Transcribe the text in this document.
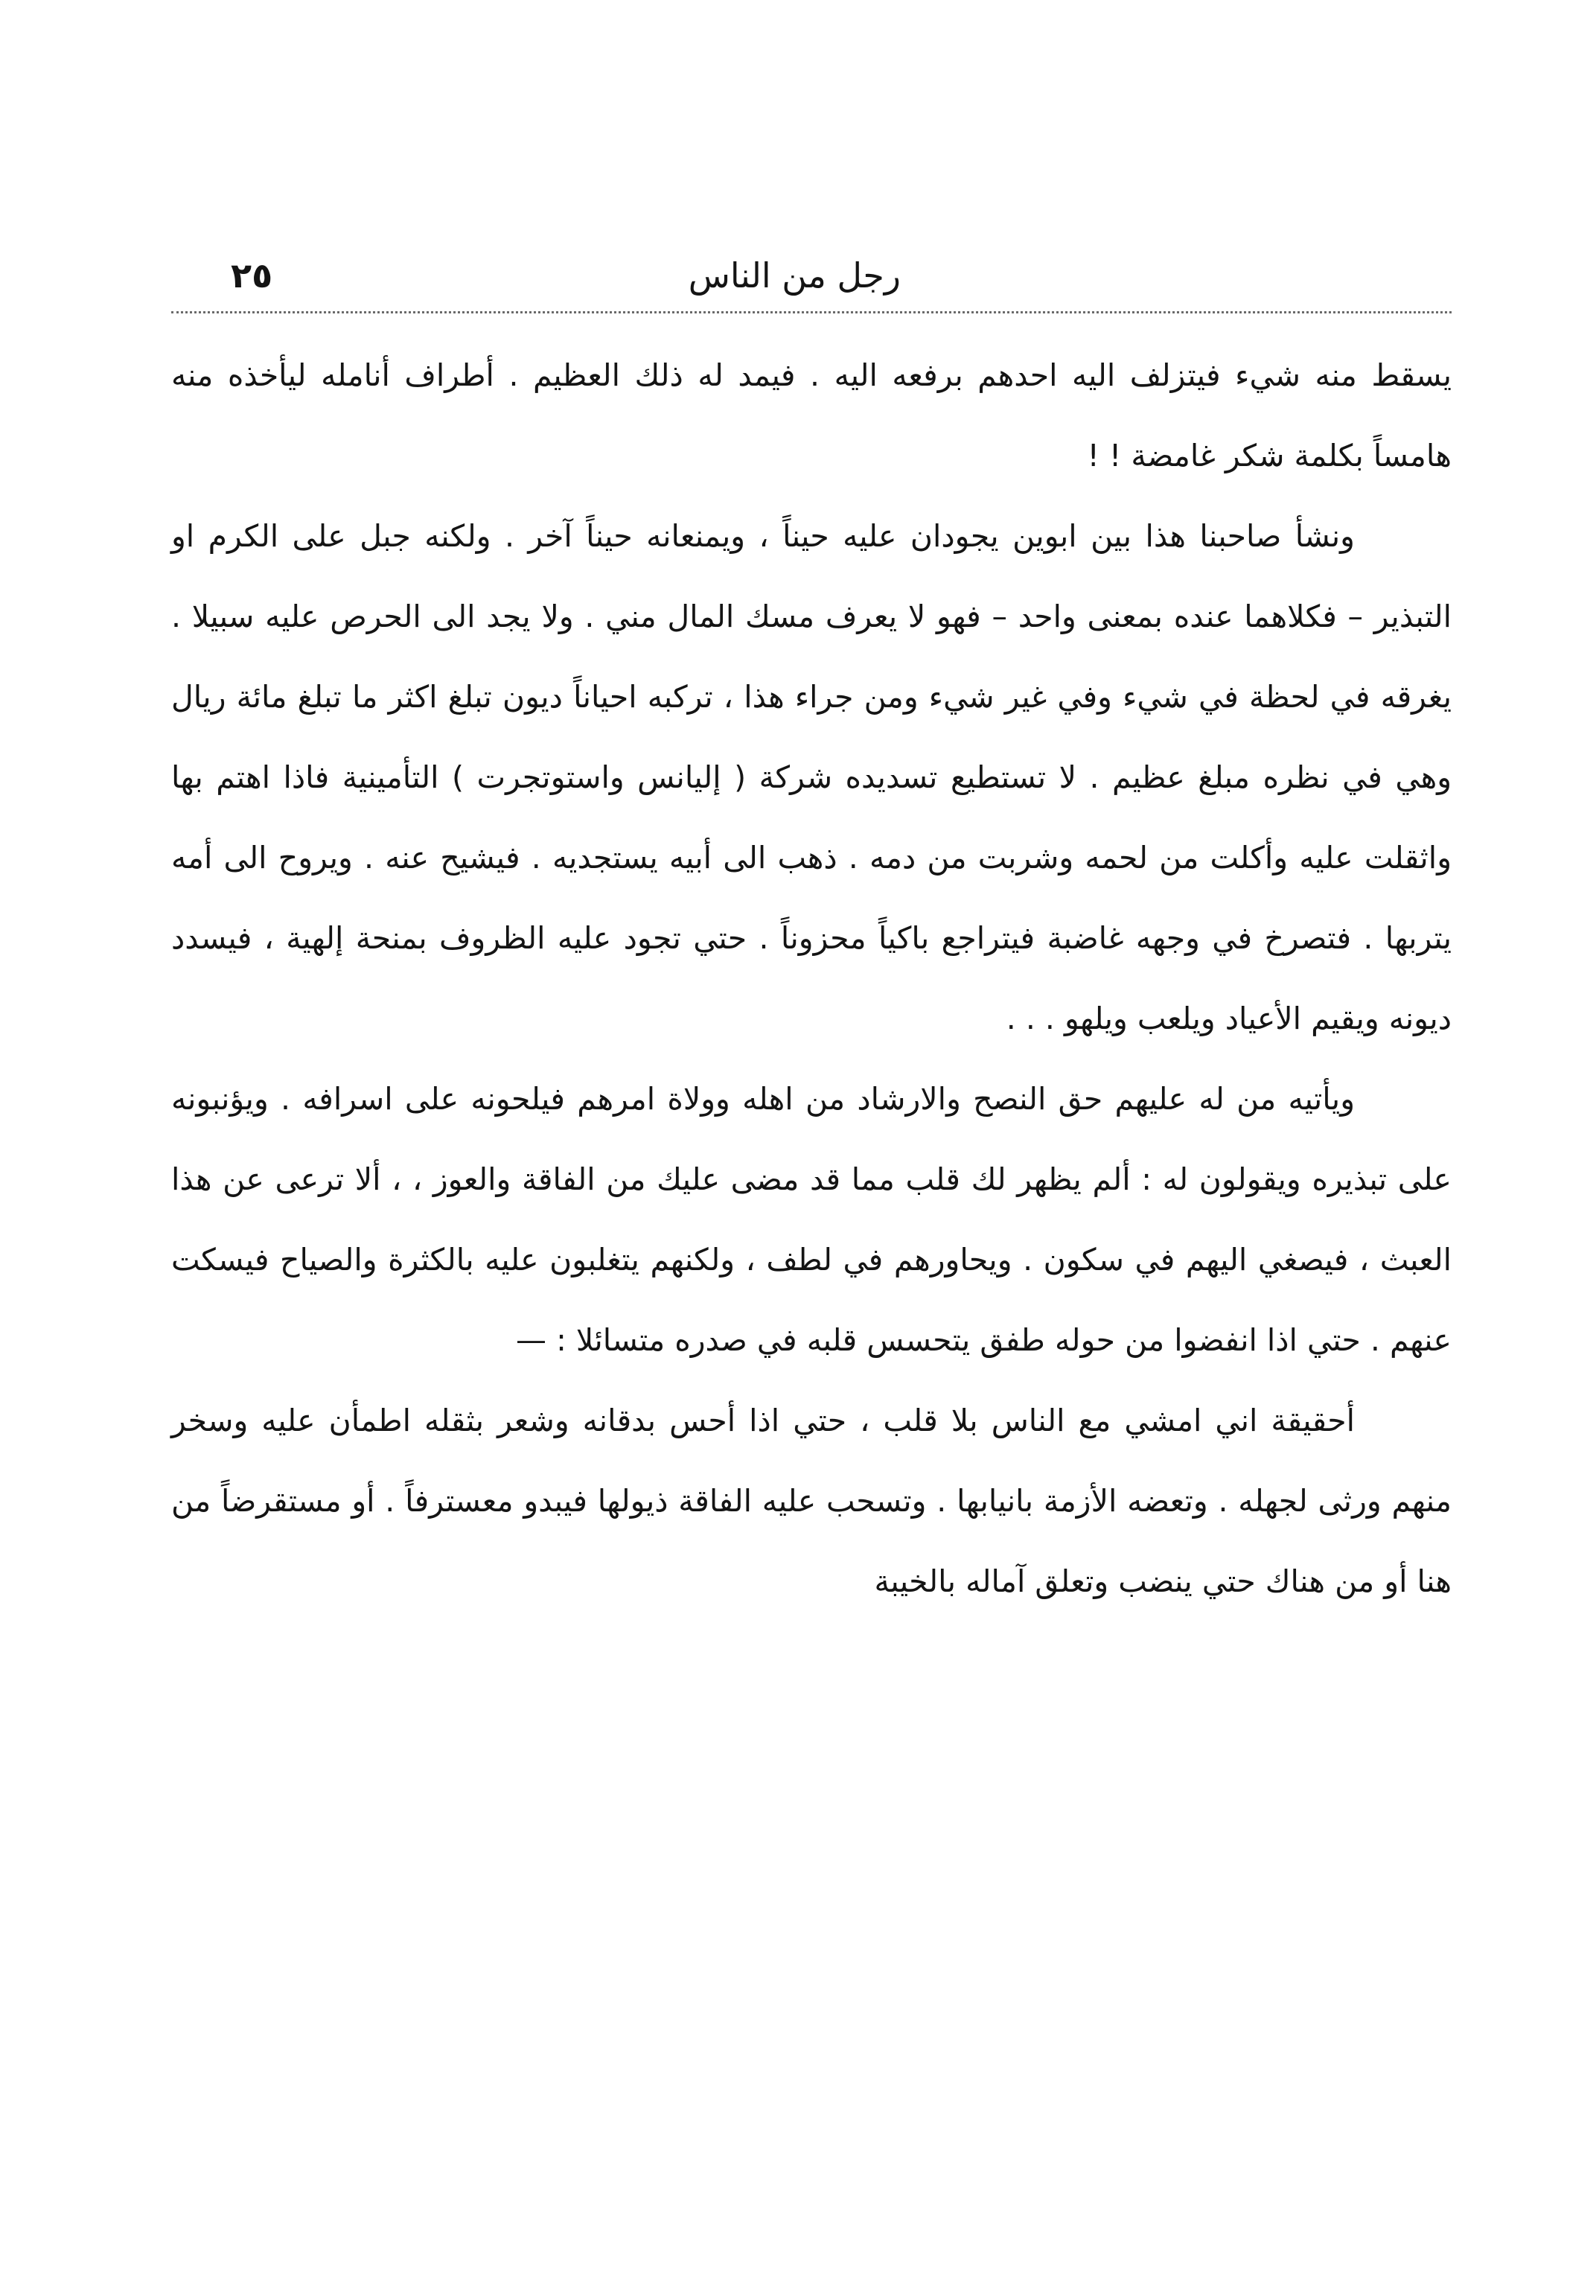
رجل من الناس
٢٥

يسقط منه شيء فيتزلف اليه احدهم برفعه اليه . فيمد له ذلك العظيم . أطراف أنامله ليأخذه منه هامساً بكلمة شكر غامضة ! !

ونشأ صاحبنا هذا بين ابوين يجودان عليه حيناً ، ويمنعانه حيناً آخر . ولكنه جبل على الكرم او التبذير – فكلاهما عنده بمعنى واحد – فهو لا يعرف مسك المال مني . ولا يجد الى الحرص عليه سبيلا . يغرقه في لحظة في شيء وفي غير شيء ومن جراء هذا ، تركبه احياناً ديون تبلغ اكثر ما تبلغ مائة ريال وهي في نظره مبلغ عظيم . لا تستطيع تسديده شركة ( إليانس واستوتجرت ) التأمينية فاذا اهتم بها واثقلت عليه وأكلت من لحمه وشربت من دمه . ذهب الى أبيه يستجديه . فيشيح عنه . ويروح الى أمه يتربها . فتصرخ في وجهه غاضبة فيتراجع باكياً محزوناً . حتي تجود عليه الظروف بمنحة إلهية ، فيسدد ديونه ويقيم الأعياد ويلعب ويلهو . . .

ويأتيه من له عليهم حق النصح والارشاد من اهله وولاة امرهم فيلحونه على اسرافه . ويؤنبونه على تبذيره ويقولون له : ألم يظهر لك قلب مما قد مضى عليك من الفاقة والعوز ، ، ألا ترعى عن هذا العبث ، فيصغي اليهم في سكون . ويحاورهم في لطف ، ولكنهم يتغلبون عليه بالكثرة والصياح فيسكت عنهم . حتي اذا انفضوا من حوله طفق يتحسس قلبه في صدره متسائلا : —

أحقيقة اني امشي مع الناس بلا قلب ، حتي اذا أحس بدقانه وشعر بثقله اطمأن عليه وسخر منهم ورثى لجهله . وتعضه الأزمة بانيابها . وتسحب عليه الفاقة ذيولها فيبدو معسترفاً . أو مستقرضاً من هنا أو من هناك حتي ينضب وتعلق آماله بالخيبة
